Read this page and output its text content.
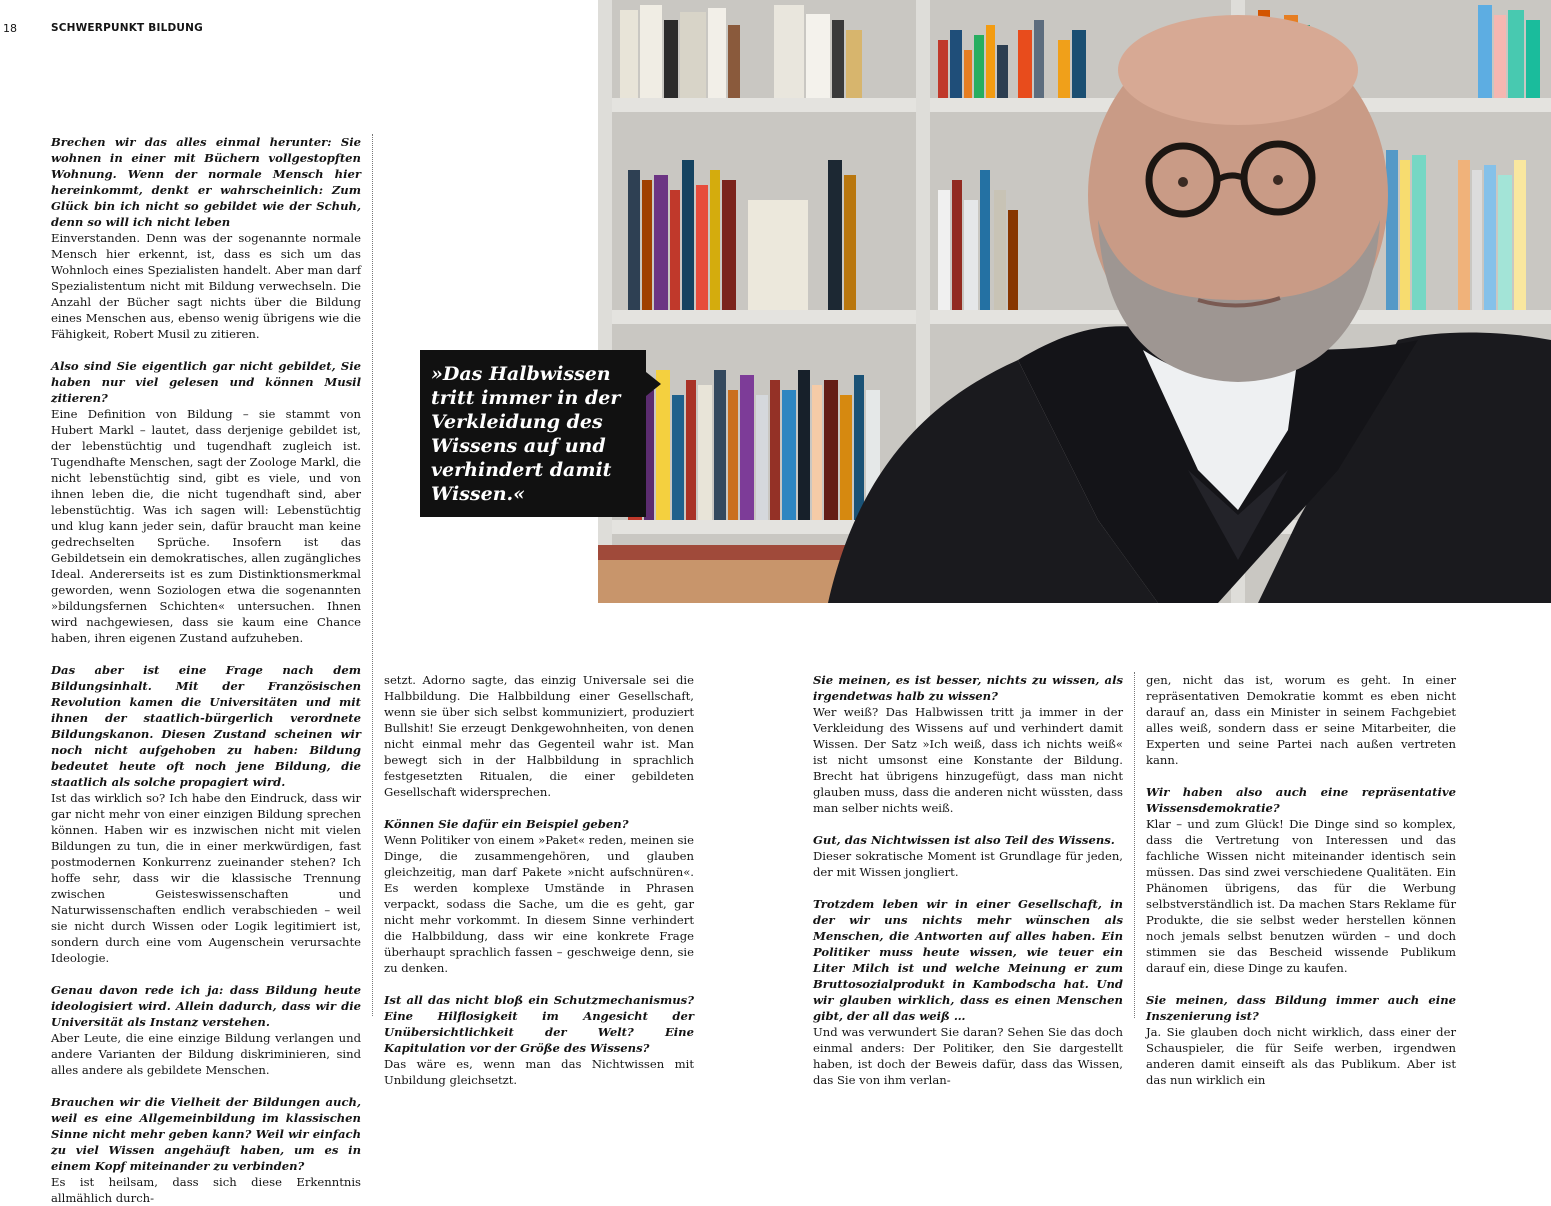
18	SCHWERPUNKT BILDUNG
»Das Halbwissen tritt immer in der Verkleidung des Wissens auf und verhindert damit Wissen.«

Brechen wir das alles einmal herunter: Sie wohnen in einer mit Büchern vollgestopften Wohnung. Wenn der normale Mensch hier hereinkommt, denkt er wahrscheinlich: Zum Glück bin ich nicht so gebildet wie der Schuh, denn so will ich nicht leben

Einverstanden. Denn was der sogenannte normale Mensch hier erkennt, ist, dass es sich um das Wohnloch eines Spezialisten handelt. Aber man darf Spezialistentum nicht mit Bildung verwechseln. Die Anzahl der Bücher sagt nichts über die Bildung eines Menschen aus, ebenso wenig übrigens wie die Fähigkeit, Robert Musil zu zitieren.

Also sind Sie eigentlich gar nicht gebildet, Sie haben nur viel gelesen und können Musil zitieren?

Eine Definition von Bildung – sie stammt von Hubert Markl – lautet, dass derjenige gebildet ist, der lebenstüchtig und tugendhaft zugleich ist. Tugendhafte Menschen, sagt der Zoologe Markl, die nicht lebenstüchtig sind, gibt es viele, und von ihnen leben die, die nicht tugendhaft sind, aber lebenstüchtig. Was ich sagen will: Lebenstüchtig und klug kann jeder sein, dafür braucht man keine gedrechselten Sprüche. Insofern ist das Gebildetsein ein demokratisches, allen zugängliches Ideal. Andererseits ist es zum Distinktionsmerkmal geworden, wenn Soziologen etwa die sogenannten »bildungsfernen Schichten« untersuchen. Ihnen wird nachgewiesen, dass sie kaum eine Chance haben, ihren eigenen Zustand aufzuheben.

Das aber ist eine Frage nach dem Bildungsinhalt. Mit der Französischen Revolution kamen die Universitäten und mit ihnen der staatlich-bürgerlich verordnete Bildungskanon. Diesen Zustand scheinen wir noch nicht aufgehoben zu haben: Bildung bedeutet heute oft noch jene Bildung, die staatlich als solche propagiert wird.

Ist das wirklich so? Ich habe den Eindruck, dass wir gar nicht mehr von einer einzigen Bildung sprechen können. Haben wir es inzwischen nicht mit vielen Bildungen zu tun, die in einer merkwürdigen, fast postmodernen Konkurrenz zueinander stehen? Ich hoffe sehr, dass wir die klassische Trennung zwischen Geisteswissenschaften und Naturwissenschaften endlich verabschieden – weil sie nicht durch Wissen oder Logik legitimiert ist, sondern durch eine vom Augenschein verursachte Ideologie.

Genau davon rede ich ja: dass Bildung heute ideologisiert wird. Allein dadurch, dass wir die Universität als Instanz verstehen.

Aber Leute, die eine einzige Bildung verlangen und andere Varianten der Bildung diskriminieren, sind alles andere als gebildete Menschen.

Brauchen wir die Vielheit der Bildungen auch, weil es eine Allgemeinbildung im klassischen Sinne nicht mehr geben kann? Weil wir einfach zu viel Wissen angehäuft haben, um es in einem Kopf miteinander zu verbinden?

Es ist heilsam, dass sich diese Erkenntnis allmählich durch-

setzt. Adorno sagte, das einzig Universale sei die Halbbildung. Die Halbbildung einer Gesellschaft, wenn sie über sich selbst kommuniziert, produziert Bullshit! Sie erzeugt Denkgewohnheiten, von denen nicht einmal mehr das Gegenteil wahr ist. Man bewegt sich in der Halbbildung in sprachlich festgesetzten Ritualen, die einer gebildeten Gesellschaft widersprechen.

Können Sie dafür ein Beispiel geben?

Wenn Politiker von einem »Paket« reden, meinen sie Dinge, die zusammengehören, und glauben gleichzeitig, man darf Pakete »nicht aufschnüren«. Es werden komplexe Umstände in Phrasen verpackt, sodass die Sache, um die es geht, gar nicht mehr vorkommt. In diesem Sinne verhindert die Halbbildung, dass wir eine konkrete Frage überhaupt sprachlich fassen – geschweige denn, sie zu denken.

Ist all das nicht bloß ein Schutzmechanismus? Eine Hilflosigkeit im Angesicht der Unübersichtlichkeit der Welt? Eine Kapitulation vor der Größe des Wissens?

Das wäre es, wenn man das Nichtwissen mit Unbildung gleichsetzt.

Sie meinen, es ist besser, nichts zu wissen, als irgendetwas halb zu wissen?

Wer weiß? Das Halbwissen tritt ja immer in der Verkleidung des Wissens auf und verhindert damit Wissen. Der Satz »Ich weiß, dass ich nichts weiß« ist nicht umsonst eine Konstante der Bildung. Brecht hat übrigens hinzugefügt, dass man nicht glauben muss, dass die anderen nicht wüssten, dass man selber nichts weiß.

Gut, das Nichtwissen ist also Teil des Wissens.

Dieser sokratische Moment ist Grundlage für jeden, der mit Wissen jongliert.

Trotzdem leben wir in einer Gesellschaft, in der wir uns nichts mehr wünschen als Menschen, die Antworten auf alles haben. Ein Politiker muss heute wissen, wie teuer ein Liter Milch ist und welche Meinung er zum Bruttosozialprodukt in Kambodscha hat. Und wir glauben wirklich, dass es einen Menschen gibt, der all das weiß …

Und was verwundert Sie daran? Sehen Sie das doch einmal anders: Der Politiker, den Sie dargestellt haben, ist doch der Beweis dafür, dass das Wissen, das Sie von ihm verlan-

gen, nicht das ist, worum es geht. In einer repräsentativen Demokratie kommt es eben nicht darauf an, dass ein Minister in seinem Fachgebiet alles weiß, sondern dass er seine Mitarbeiter, die Experten und seine Partei nach außen vertreten kann.

Wir haben also auch eine repräsentative Wissensdemokratie?

Klar – und zum Glück! Die Dinge sind so komplex, dass die Vertretung von Interessen und das fachliche Wissen nicht miteinander identisch sein müssen. Das sind zwei verschiedene Qualitäten. Ein Phänomen übrigens, das für die Werbung selbstverständlich ist. Da machen Stars Reklame für Produkte, die sie selbst weder herstellen können noch jemals selbst benutzen würden – und doch stimmen sie das Bescheid wissende Publikum darauf ein, diese Dinge zu kaufen.

Sie meinen, dass Bildung immer auch eine Inszenierung ist?

Ja. Sie glauben doch nicht wirklich, dass einer der Schauspieler, die für Seife werben, irgendwen anderen damit einseift als das Publikum. Aber ist das nun wirklich ein
